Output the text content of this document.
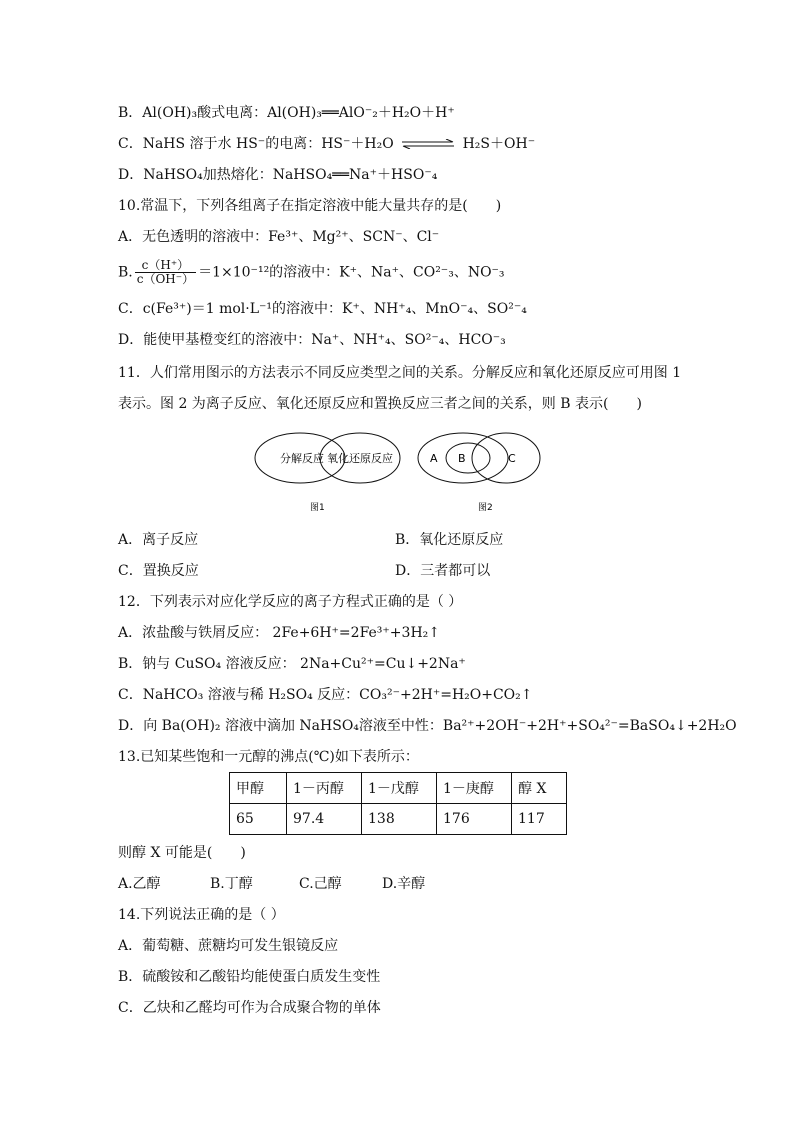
B．Al(OH)₃酸式电离：Al(OH)₃══AlO⁻₂＋H₂O＋H⁺
C．NaHS 溶于水 HS⁻的电离：HS⁻＋H₂O ⇌ H₂S＋OH⁻
D．NaHSO₄加热熔化：NaHSO₄══Na⁺＋HSO⁻₄
10.常温下，下列各组离子在指定溶液中能大量共存的是(　　)
A．无色透明的溶液中：Fe³⁺、Mg²⁺、SCN⁻、Cl⁻
B. $\frac{c(H^+)}{c(OH^-)} =1\times 10^{-12}$的溶液中：K⁺、Na⁺、CO²⁻₃、NO⁻₃
C．c(Fe³⁺)＝1 mol·L⁻¹的溶液中：K⁺、NH⁺₄、MnO⁻₄、SO²⁻₄
D．能使甲基橙变红的溶液中：Na⁺、NH⁺₄、SO²⁻₄、HCO⁻₃
11．人们常用图示的方法表示不同反应类型之间的关系。分解反应和氧化还原反应可用图 1
表示。图 2 为离子反应、氧化还原反应和置换反应三者之间的关系，则 B 表示(　　)
分解反应 氧化还原反应
图1
A B	C
图2
A．离子反应	B．氧化还原反应
C．置换反应	D．三者都可以
12．下列表示对应化学反应的离子方程式正确的是（ ）
A．浓盐酸与铁屑反应： 2Fe+6H⁺=2Fe³⁺+3H₂↑
B．钠与 CuSO₄ 溶液反应： 2Na+Cu²⁺=Cu↓+2Na⁺
C．NaHCO₃ 溶液与稀 H₂SO₄ 反应：CO₃²⁻+2H⁺=H₂O+CO₂↑
D．向 Ba(OH)₂ 溶液中滴加 NaHSO₄溶液至中性：Ba²⁺+2OH⁻+2H⁺+SO₄²⁻=BaSO₄↓+2H₂O
13.已知某些饱和一元醇的沸点(℃)如下表所示：
甲醇	1－丙醇	1－戊醇	1－庚醇	醇 X
65	97.4	138	176	117
则醇 X 可能是(　　)
A.乙醇	B.丁醇	C.己醇	D.辛醇
14.下列说法正确的是（ ）
A．葡萄糖、蔗糖均可发生银镜反应
B．硫酸铵和乙酸铅均能使蛋白质发生变性
C．乙炔和乙醛均可作为合成聚合物的单体
